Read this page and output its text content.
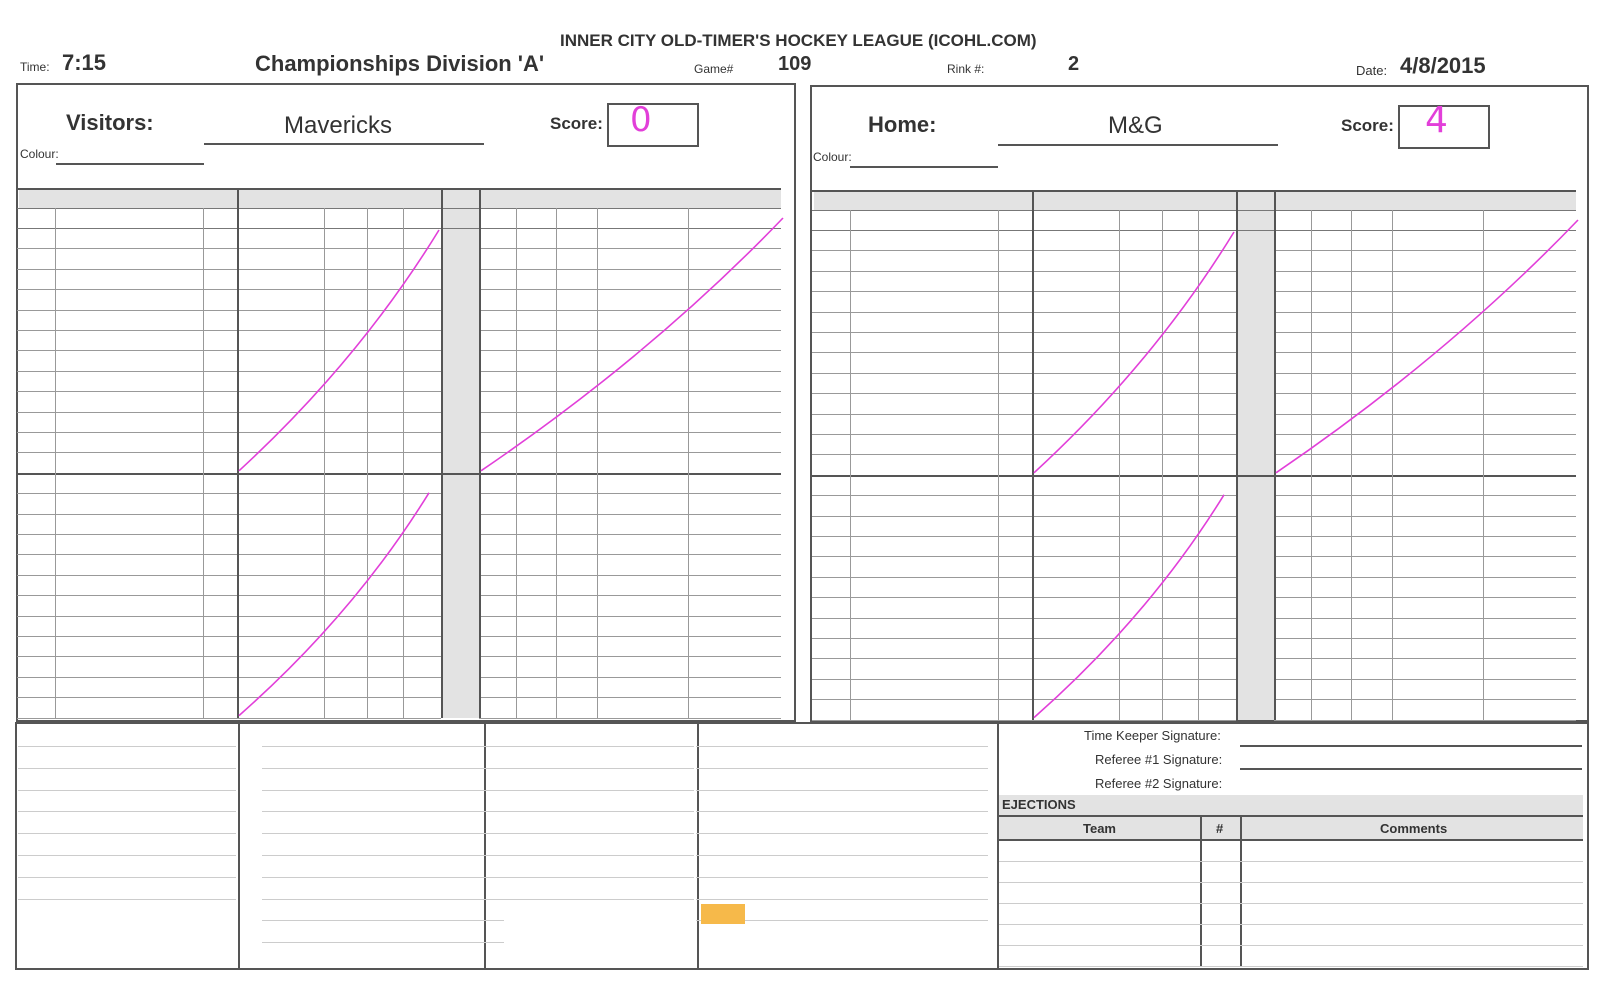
INNER CITY OLD-TIMER'S HOCKEY LEAGUE (ICOHL.COM)
Time: 7:15	Championships Division 'A'	Game# 109	Rink #:	2	Date: 4/8/2015
Visitors:	Mavericks
Colour:
Score: 0	Home:	M&G
Colour:
Score: 4
Time Keeper Signature:
Referee #1 Signature:
Referee #2 Signature:
EJECTIONS
Team	#	Comments
